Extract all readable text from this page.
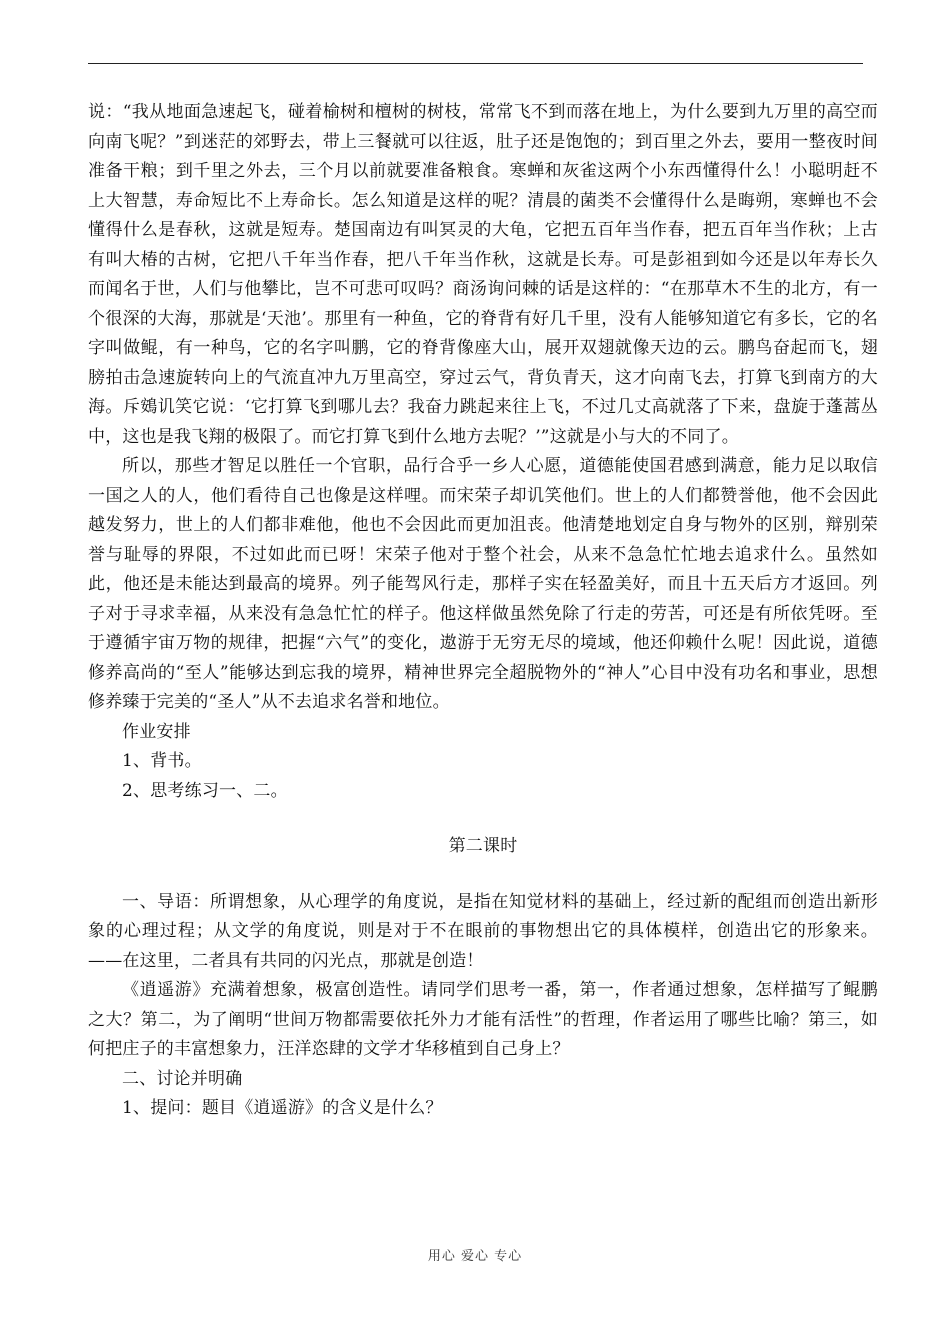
说：“我从地面急速起飞，碰着榆树和檀树的树枝，常常飞不到而落在地上，为什么要到九万里的高空而向南飞呢？”到迷茫的郊野去，带上三餐就可以往返，肚子还是饱饱的；到百里之外去，要用一整夜时间准备干粮；到千里之外去，三个月以前就要准备粮食。寒蝉和灰雀这两个小东西懂得什么！小聪明赶不上大智慧，寿命短比不上寿命长。怎么知道是这样的呢？清晨的菌类不会懂得什么是晦朔，寒蝉也不会懂得什么是春秋，这就是短寿。楚国南边有叫冥灵的大龟，它把五百年当作春，把五百年当作秋；上古有叫大椿的古树，它把八千年当作春，把八千年当作秋，这就是长寿。可是彭祖到如今还是以年寿长久而闻名于世，人们与他攀比，岂不可悲可叹吗？商汤询问棘的话是这样的：“在那草木不生的北方，有一个很深的大海，那就是‘天池’。那里有一种鱼，它的脊背有好几千里，没有人能够知道它有多长，它的名字叫做鲲，有一种鸟，它的名字叫鹏，它的脊背像座大山，展开双翅就像天边的云。鹏鸟奋起而飞，翅膀拍击急速旋转向上的气流直冲九万里高空，穿过云气，背负青天，这才向南飞去，打算飞到南方的大海。斥鴳讥笑它说：‘它打算飞到哪儿去？我奋力跳起来往上飞，不过几丈高就落了下来，盘旋于蓬蒿丛中，这也是我飞翔的极限了。而它打算飞到什么地方去呢？’”这就是小与大的不同了。

所以，那些才智足以胜任一个官职，品行合乎一乡人心愿，道德能使国君感到满意，能力足以取信一国之人的人，他们看待自己也像是这样哩。而宋荣子却讥笑他们。世上的人们都赞誉他，他不会因此越发努力，世上的人们都非难他，他也不会因此而更加沮丧。他清楚地划定自身与物外的区别，辩别荣誉与耻辱的界限，不过如此而已呀！宋荣子他对于整个社会，从来不急急忙忙地去追求什么。虽然如此，他还是未能达到最高的境界。列子能驾风行走，那样子实在轻盈美好，而且十五天后方才返回。列子对于寻求幸福，从来没有急急忙忙的样子。他这样做虽然免除了行走的劳苦，可还是有所依凭呀。至于遵循宇宙万物的规律，把握“六气”的变化，遨游于无穷无尽的境域，他还仰赖什么呢！因此说，道德修养高尚的“至人”能够达到忘我的境界，精神世界完全超脱物外的“神人”心目中没有功名和事业，思想修养臻于完美的“圣人”从不去追求名誉和地位。

作业安排

1、背书。

2、思考练习一、二。

第二课时

一、导语：所谓想象，从心理学的角度说，是指在知觉材料的基础上，经过新的配组而创造出新形象的心理过程；从文学的角度说，则是对于不在眼前的事物想出它的具体模样，创造出它的形象来。——在这里，二者具有共同的闪光点，那就是创造！

《逍遥游》充满着想象，极富创造性。请同学们思考一番，第一，作者通过想象，怎样描写了鲲鹏之大？第二，为了阐明“世间万物都需要依托外力才能有活性”的哲理，作者运用了哪些比喻？第三，如何把庄子的丰富想象力，汪洋恣肆的文学才华移植到自己身上？

二、讨论并明确

1、提问：题目《逍遥游》的含义是什么？

用心 爱心 专心
